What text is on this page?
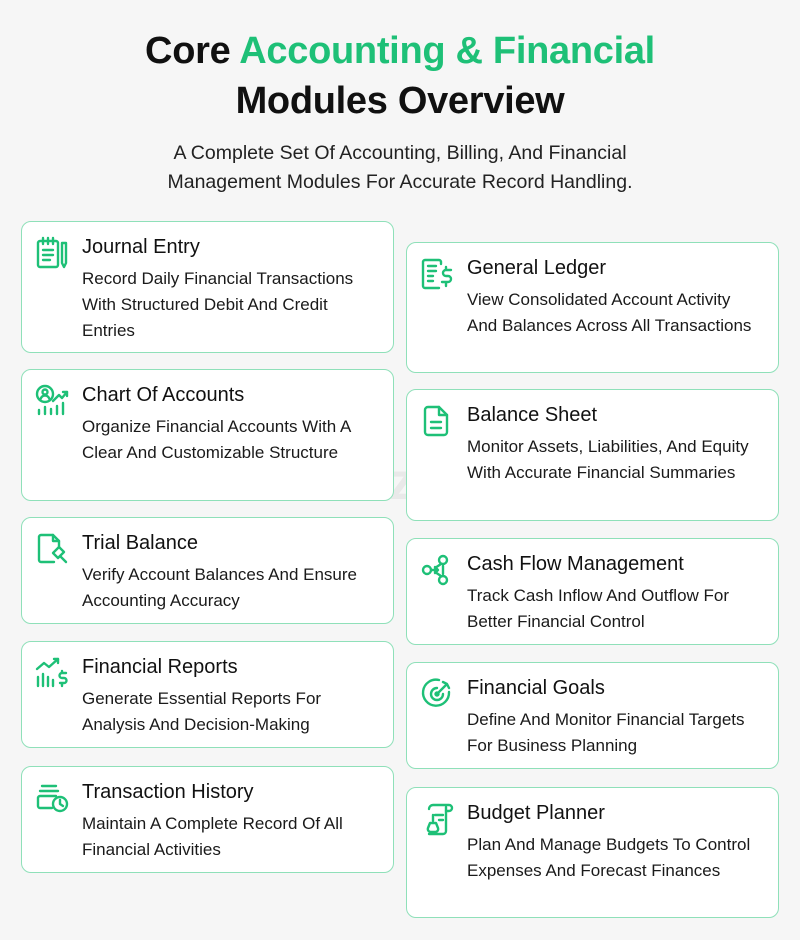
Core Accounting & Financial
Modules Overview

A Complete Set Of Accounting, Billing, And Financial
Management Modules For Accurate Record Handling.

Journal Entry

Record Daily Financial Transactions With Structured Debit And Credit Entries

Chart Of Accounts

Organize Financial Accounts With A Clear And Customizable Structure

Trial Balance

Verify Account Balances And Ensure Accounting Accuracy

Financial Reports

Generate Essential Reports For Analysis And Decision-Making

Transaction History

Maintain A Complete Record Of All Financial Activities

General Ledger

View Consolidated Account Activity And Balances Across All Transactions

Balance Sheet

Monitor Assets, Liabilities, And Equity With Accurate Financial Summaries

Cash Flow Management

Track Cash Inflow And Outflow For Better Financial Control

Financial Goals

Define And Monitor Financial Targets For Business Planning

Budget Planner

Plan And Manage Budgets To Control Expenses And Forecast Finances
